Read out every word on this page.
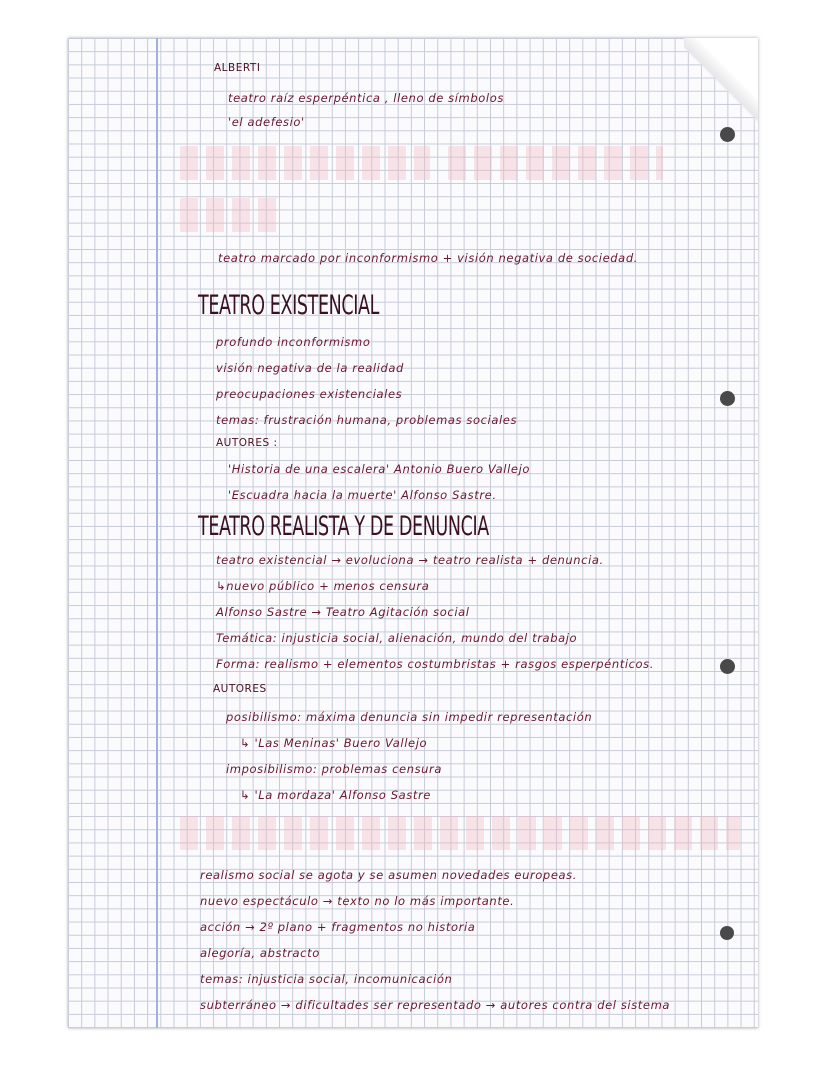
ALBERTI
teatro raíz esperpéntica , lleno de símbolos
'el adefesio'
teatro marcado por inconformismo + visión negativa de sociedad.
TEATRO EXISTENCIAL
profundo inconformismo
visión negativa de la realidad
preocupaciones existenciales
temas: frustración humana, problemas sociales
AUTORES :
'Historia de una escalera' Antonio Buero Vallejo
'Escuadra hacia la muerte' Alfonso Sastre.
TEATRO REALISTA Y DE DENUNCIA
teatro existencial → evoluciona → teatro realista + denuncia.
↳nuevo público + menos censura
Alfonso Sastre → Teatro Agitación social
Temática: injusticia social, alienación, mundo del trabajo
Forma: realismo + elementos costumbristas + rasgos esperpénticos.
AUTORES
posibilismo: máxima denuncia sin impedir representación
↳ 'Las Meninas' Buero Vallejo
imposibilismo: problemas censura
↳ 'La mordaza' Alfonso Sastre
realismo social se agota y se asumen novedades europeas.
nuevo espectáculo → texto no lo más importante.
acción → 2º plano + fragmentos no historia
alegoría, abstracto
temas: injusticia social, incomunicación
subterráneo → dificultades ser representado → autores contra del sistema
